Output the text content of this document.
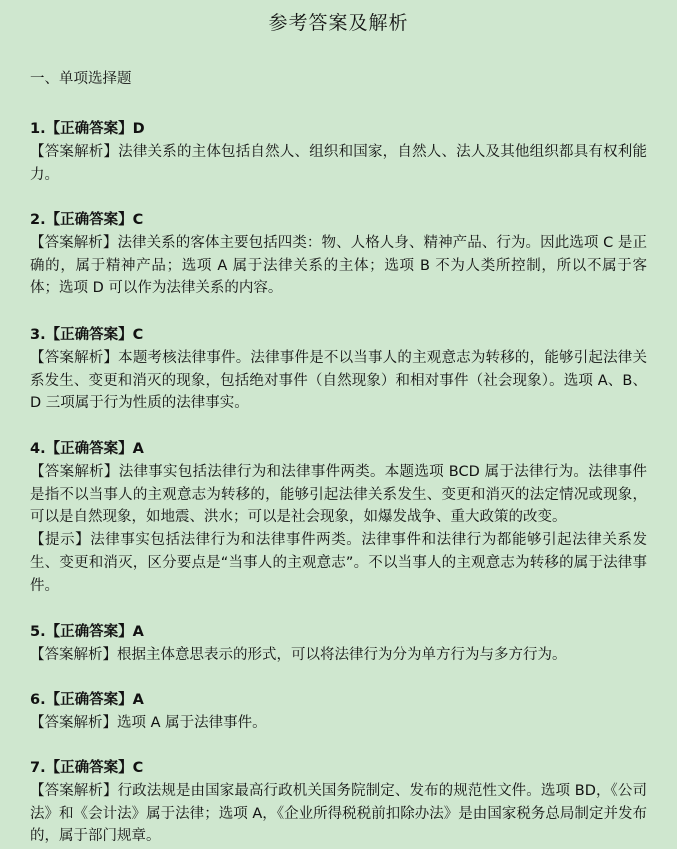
参考答案及解析
一、单项选择题
1.【正确答案】D

【答案解析】法律关系的主体包括自然人、组织和国家，自然人、法人及其他组织都具有权利能力。

2.【正确答案】C

【答案解析】法律关系的客体主要包括四类：物、人格人身、精神产品、行为。因此选项 C 是正确的，属于精神产品；选项 A 属于法律关系的主体；选项 B 不为人类所控制，所以不属于客体；选项 D 可以作为法律关系的内容。

3.【正确答案】C

【答案解析】本题考核法律事件。法律事件是不以当事人的主观意志为转移的，能够引起法律关系发生、变更和消灭的现象，包括绝对事件（自然现象）和相对事件（社会现象）。选项 A、B、D 三项属于行为性质的法律事实。

4.【正确答案】A

【答案解析】法律事实包括法律行为和法律事件两类。本题选项 BCD 属于法律行为。法律事件是指不以当事人的主观意志为转移的，能够引起法律关系发生、变更和消灭的法定情况或现象，可以是自然现象，如地震、洪水；可以是社会现象，如爆发战争、重大政策的改变。

【提示】法律事实包括法律行为和法律事件两类。法律事件和法律行为都能够引起法律关系发生、变更和消灭，区分要点是“当事人的主观意志”。不以当事人的主观意志为转移的属于法律事件。

5.【正确答案】A

【答案解析】根据主体意思表示的形式，可以将法律行为分为单方行为与多方行为。

6.【正确答案】A

【答案解析】选项 A 属于法律事件。

7.【正确答案】C

【答案解析】行政法规是由国家最高行政机关国务院制定、发布的规范性文件。选项 BD，《公司法》和《会计法》属于法律；选项 A，《企业所得税税前扣除办法》是由国家税务总局制定并发布的，属于部门规章。
